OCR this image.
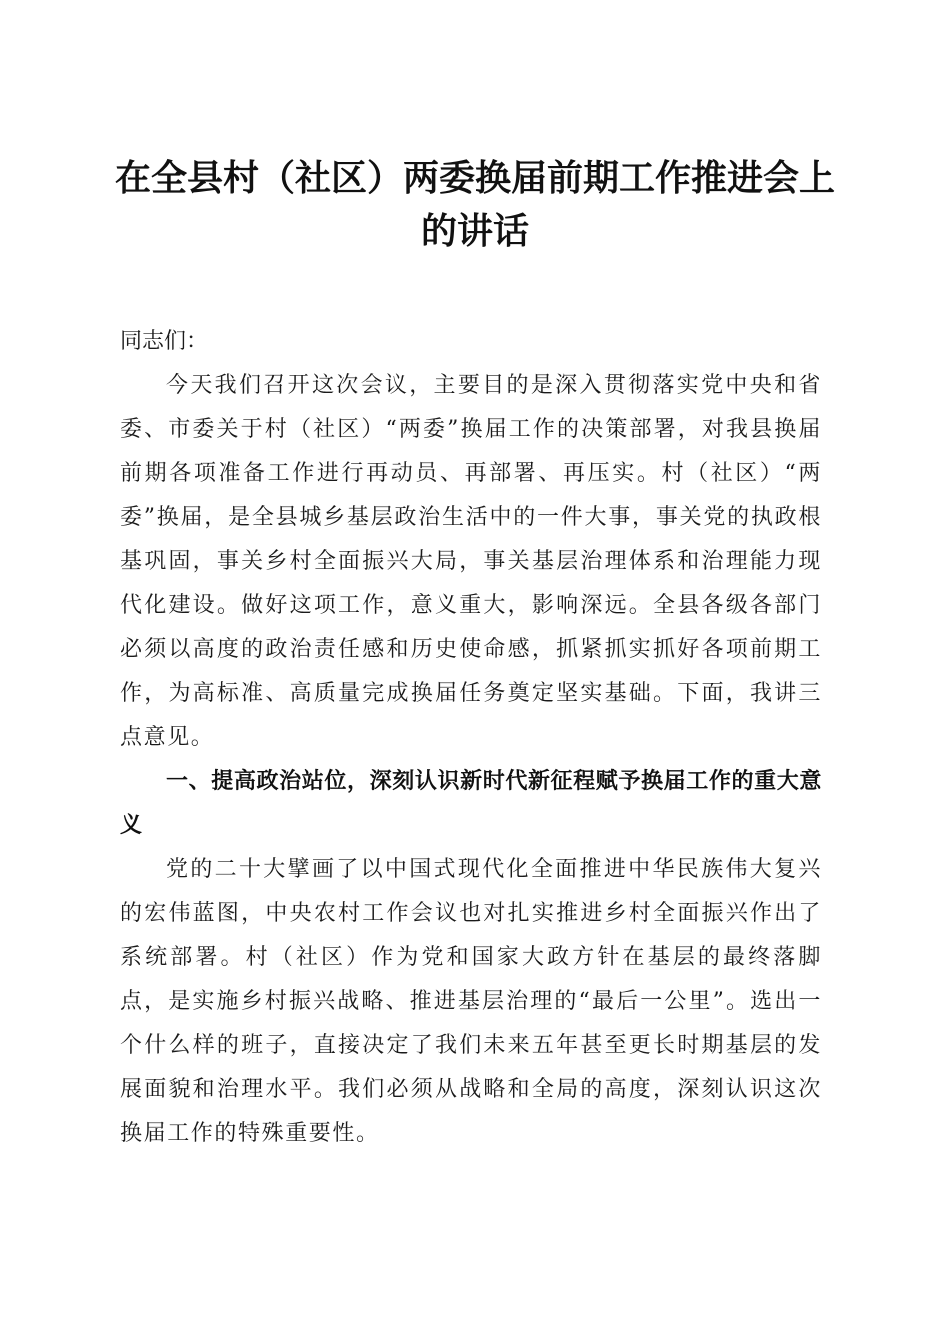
在全县村（社区）两委换届前期工作推进会上的讲话

同志们：

今天我们召开这次会议，主要目的是深入贯彻落实党中央和省委、市委关于村（社区）“两委”换届工作的决策部署，对我县换届前期各项准备工作进行再动员、再部署、再压实。村（社区）“两委”换届，是全县城乡基层政治生活中的一件大事，事关党的执政根基巩固，事关乡村全面振兴大局，事关基层治理体系和治理能力现代化建设。做好这项工作，意义重大，影响深远。全县各级各部门必须以高度的政治责任感和历史使命感，抓紧抓实抓好各项前期工作，为高标准、高质量完成换届任务奠定坚实基础。下面，我讲三点意见。

一、提高政治站位，深刻认识新时代新征程赋予换届工作的重大意义

党的二十大擘画了以中国式现代化全面推进中华民族伟大复兴的宏伟蓝图，中央农村工作会议也对扎实推进乡村全面振兴作出了系统部署。村（社区）作为党和国家大政方针在基层的最终落脚点，是实施乡村振兴战略、推进基层治理的“最后一公里”。选出一个什么样的班子，直接决定了我们未来五年甚至更长时期基层的发展面貌和治理水平。我们必须从战略和全局的高度，深刻认识这次换届工作的特殊重要性。
